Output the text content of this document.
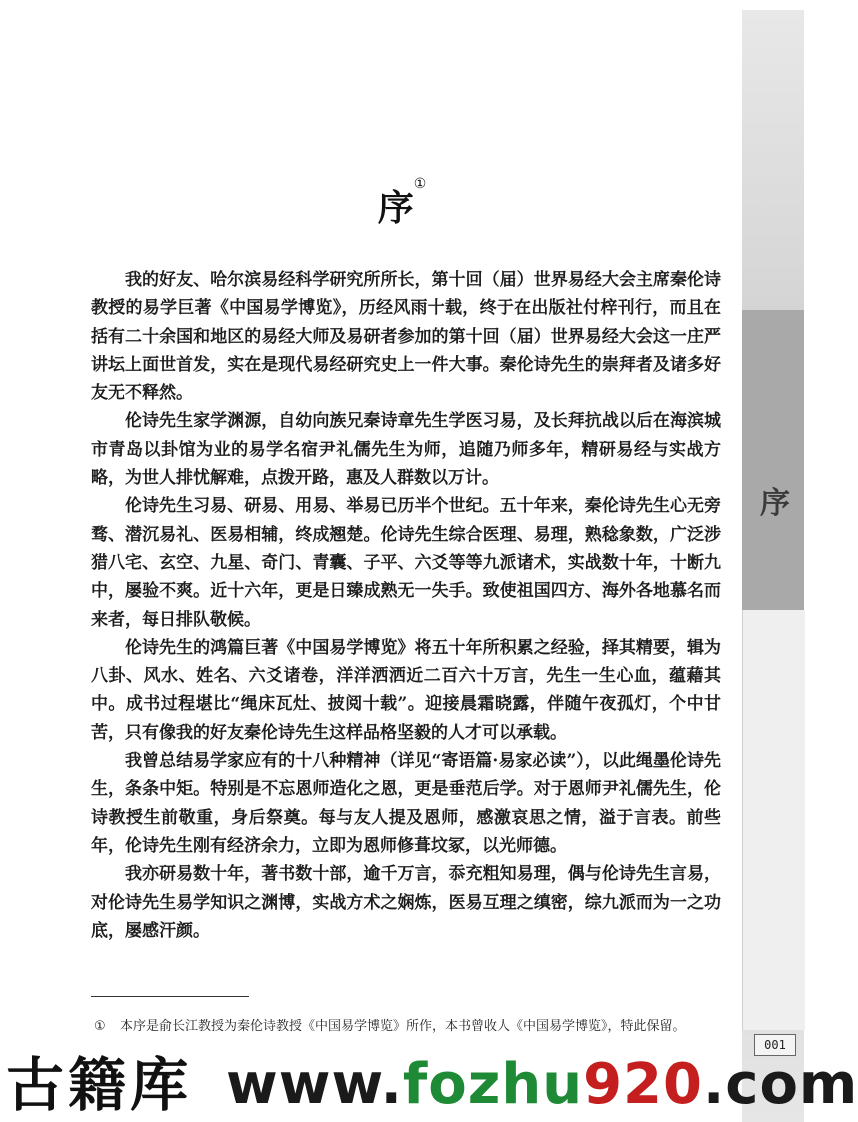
序
001
序①

我的好友、哈尔滨易经科学研究所所长，第十回（届）世界易经大会主席秦伦诗教授的易学巨著《中国易学博览》，历经风雨十载，终于在出版社付梓刊行，而且在括有二十余国和地区的易经大师及易研者参加的第十回（届）世界易经大会这一庄严讲坛上面世首发，实在是现代易经研究史上一件大事。秦伦诗先生的崇拜者及诸多好友无不释然。

伦诗先生家学渊源，自幼向族兄秦诗章先生学医习易，及长拜抗战以后在海滨城市青岛以卦馆为业的易学名宿尹礼儒先生为师，追随乃师多年，精研易经与实战方略，为世人排忧解难，点拨开路，惠及人群数以万计。

伦诗先生习易、研易、用易、举易已历半个世纪。五十年来，秦伦诗先生心无旁骛、潜沉易礼、医易相辅，终成翘楚。伦诗先生综合医理、易理，熟稔象数，广泛涉猎八宅、玄空、九星、奇门、青囊、子平、六爻等等九派诸术，实战数十年，十断九中，屡验不爽。近十六年，更是日臻成熟无一失手。致使祖国四方、海外各地慕名而来者，每日排队敬候。

伦诗先生的鸿篇巨著《中国易学博览》将五十年所积累之经验，择其精要，辑为八卦、风水、姓名、六爻诸卷，洋洋洒洒近二百六十万言，先生一生心血，蕴藉其中。成书过程堪比“绳床瓦灶、披阅十载”。迎接晨霜晓露，伴随午夜孤灯，个中甘苦，只有像我的好友秦伦诗先生这样品格坚毅的人才可以承载。

我曾总结易学家应有的十八种精神（详见“寄语篇·易家必读”），以此绳墨伦诗先生，条条中矩。特别是不忘恩师造化之恩，更是垂范后学。对于恩师尹礼儒先生，伦诗教授生前敬重，身后祭奠。每与友人提及恩师，感激哀思之情，溢于言表。前些年，伦诗先生刚有经济余力，立即为恩师修葺坟冢，以光师德。

我亦研易数十年，著书数十部，逾千万言，忝充粗知易理，偶与伦诗先生言易，对伦诗先生易学知识之渊博，实战方术之娴炼，医易互理之缜密，综九派而为一之功底，屡感汗颜。

① 本序是俞长江教授为秦伦诗教授《中国易学博览》所作，本书曾收人《中国易学博览》，特此保留。
古籍库 www.fozhu920.com
